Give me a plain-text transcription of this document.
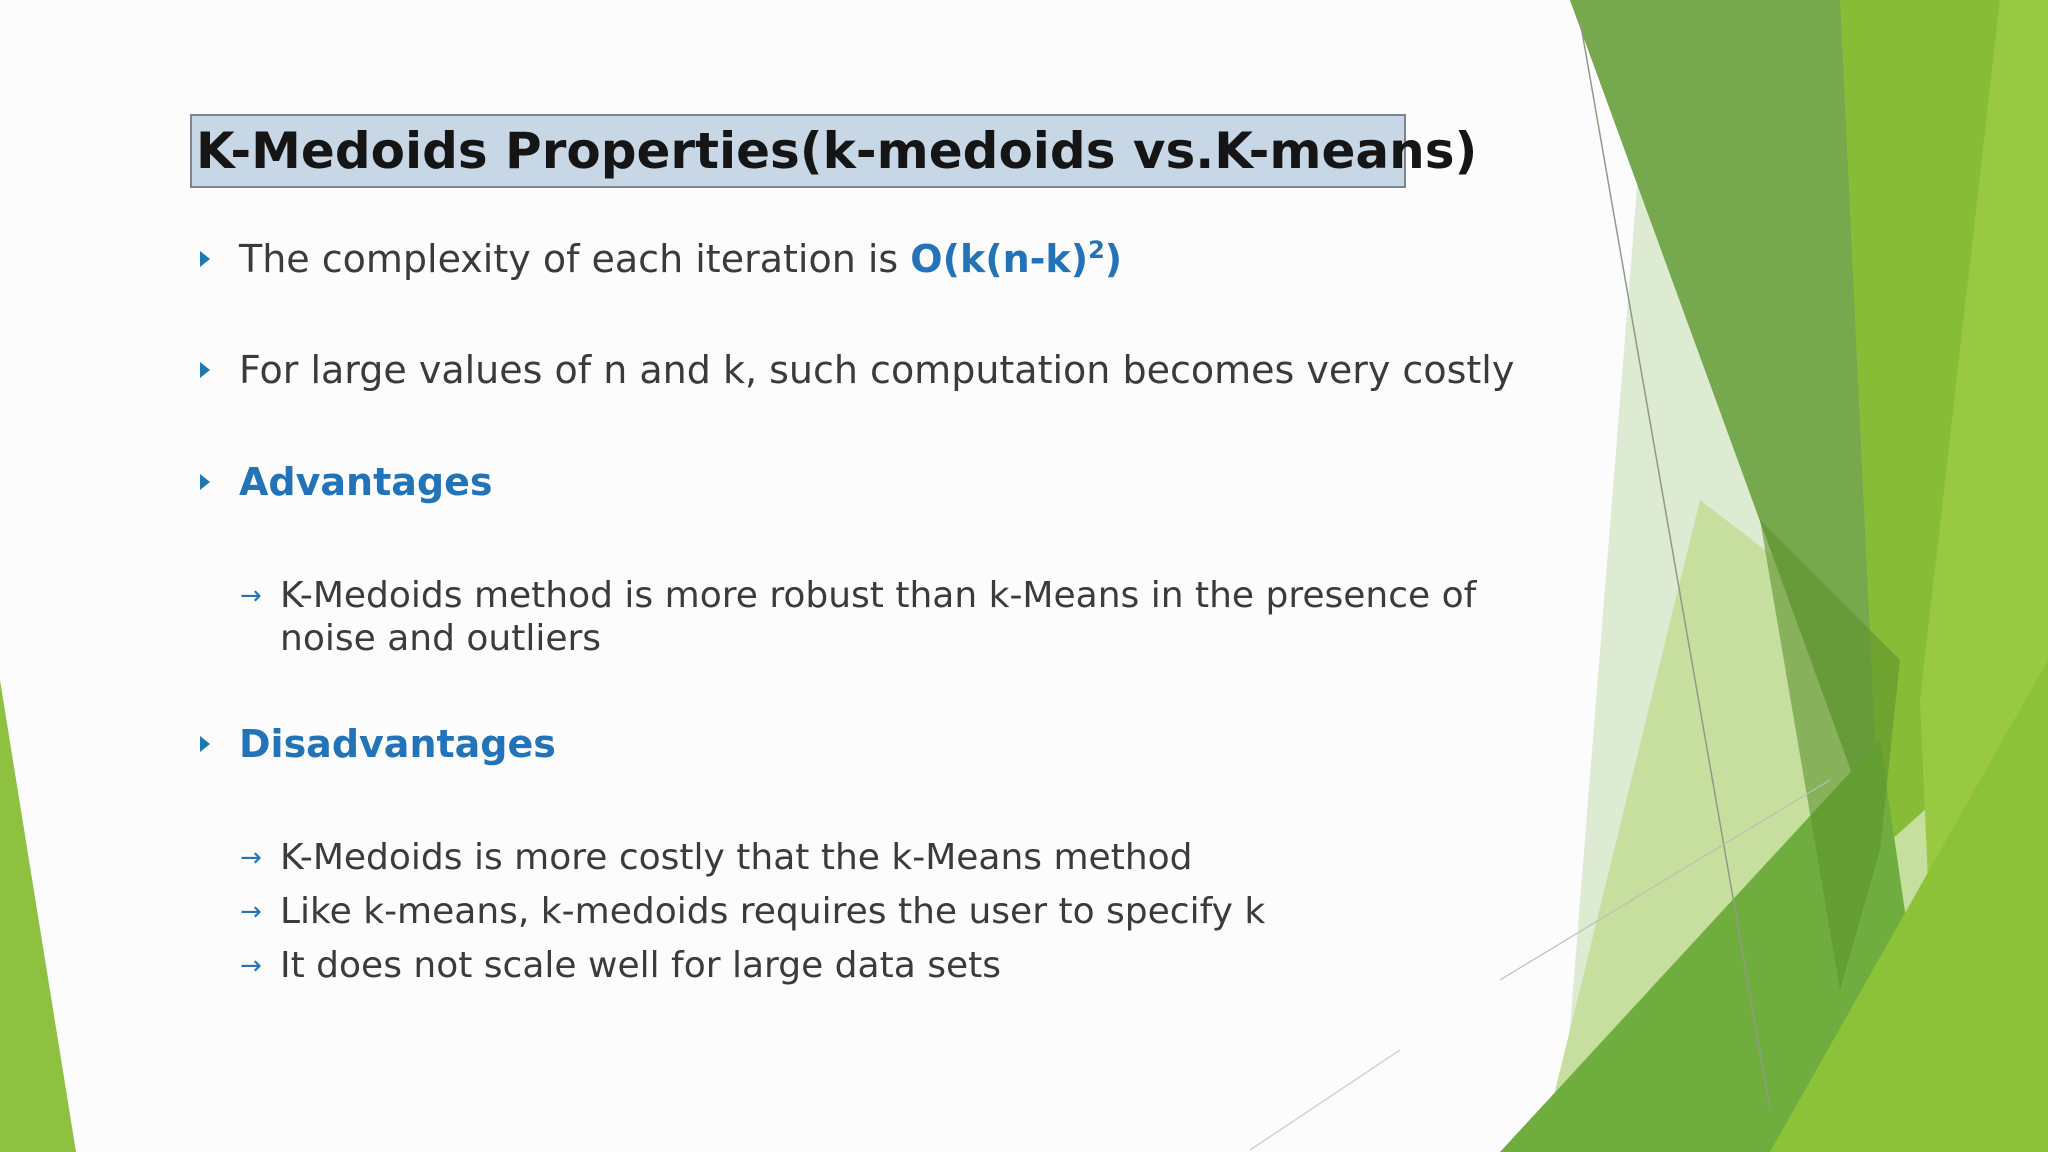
K-Medoids Properties(k-medoids vs.K-means)
The complexity of each iteration is $O(k(n-k)^2)$
For large values of n and k, such computation becomes very costly
Advantages
→ K-Medoids method is more robust than k-Means in the presence of
noise and outliers
Disadvantages
→ K-Medoids is more costly that the k-Means method
→ Like k-means, k-medoids requires the user to specify k
→ It does not scale well for large data sets
